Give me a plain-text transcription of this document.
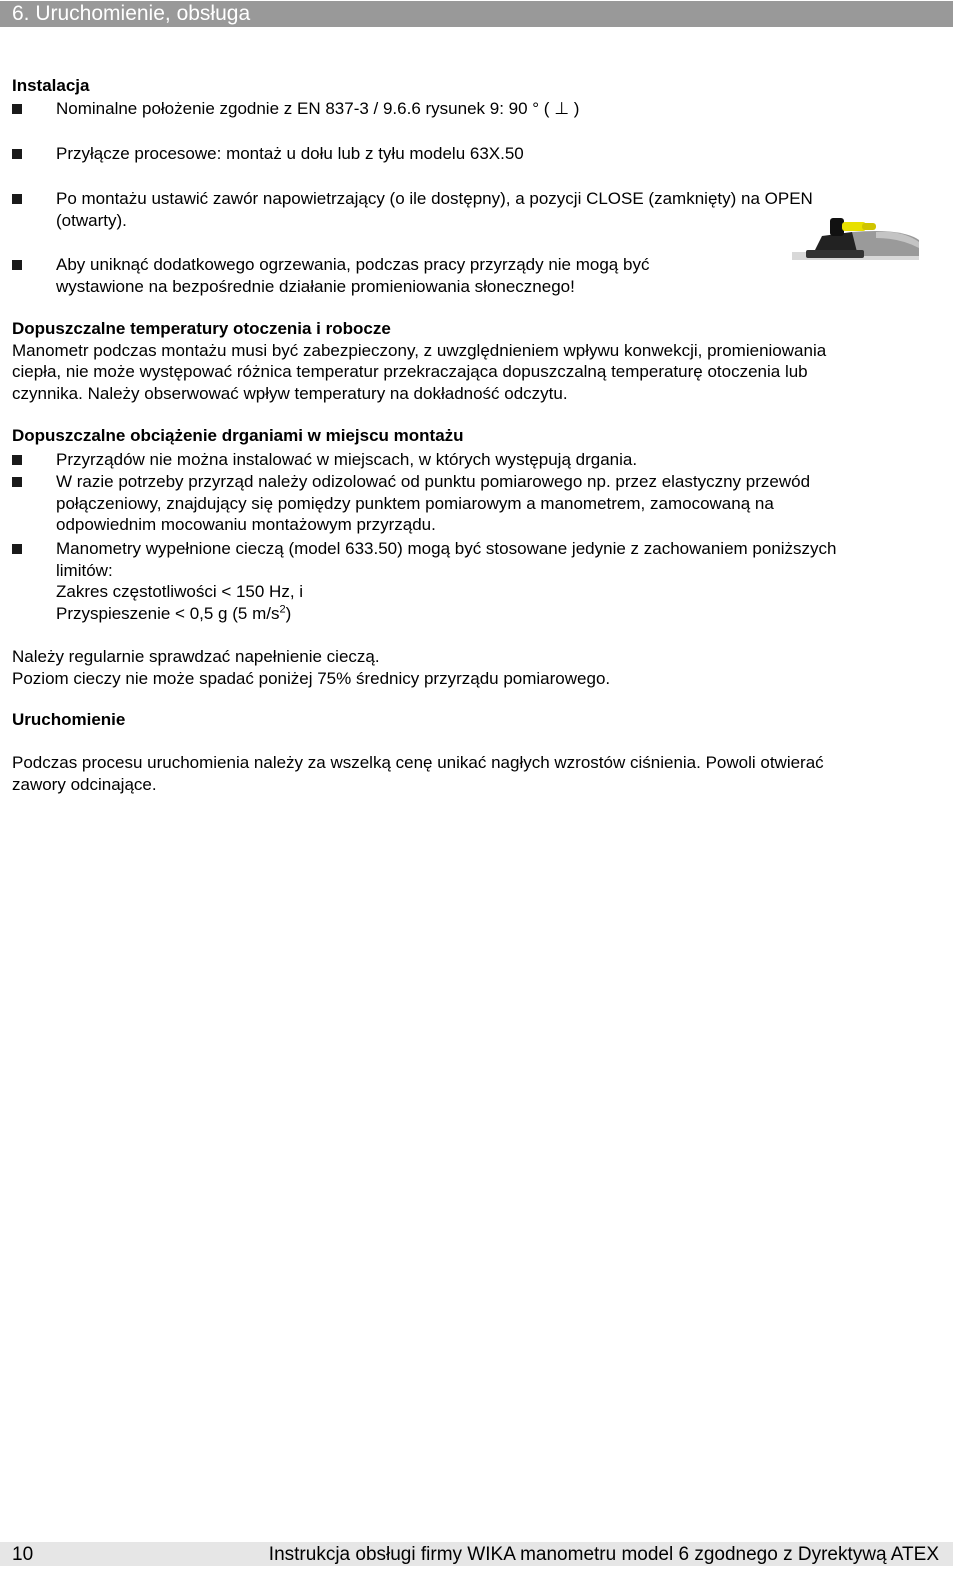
6. Uruchomienie, obsługa
Instalacja
Nominalne położenie zgodnie z EN 837-3 / 9.6.6 rysunek 9: 90 ° ( ⊥ )
Przyłącze procesowe: montaż u dołu lub z tyłu modelu 63X.50
Po montażu ustawić zawór napowietrzający (o ile dostępny), a pozycji CLOSE (zamknięty) na OPEN
(otwarty).
Aby uniknąć dodatkowego ogrzewania, podczas pracy przyrządy nie mogą być
wystawione na bezpośrednie działanie promieniowania słonecznego!
Dopuszczalne temperatury otoczenia i robocze
Manometr podczas montażu musi być zabezpieczony, z uwzględnieniem wpływu konwekcji, promieniowania
ciepła, nie może występować różnica temperatur przekraczająca dopuszczalną temperaturę otoczenia lub
czynnika. Należy obserwować wpływ temperatury na dokładność odczytu.
Dopuszczalne obciążenie drganiami w miejscu montażu
Przyrządów nie można instalować w miejscach, w których występują drgania.
W razie potrzeby przyrząd należy odizolować od punktu pomiarowego np. przez elastyczny przewód
połączeniowy, znajdujący się pomiędzy punktem pomiarowym a manometrem, zamocowaną na
odpowiednim mocowaniu montażowym przyrządu.
Manometry wypełnione cieczą (model 633.50) mogą być stosowane jedynie z zachowaniem poniższych
limitów:
Zakres częstotliwości < 150 Hz, i
Przyspieszenie < 0,5 g (5 $m/s^2$)
Należy regularnie sprawdzać napełnienie cieczą.
Poziom cieczy nie może spadać poniżej 75% średnicy przyrządu pomiarowego.
Uruchomienie
Podczas procesu uruchomienia należy za wszelką cenę unikać nagłych wzrostów ciśnienia. Powoli otwierać
zawory odcinające.
10	Instrukcja obsługi firmy WIKA manometru model 6 zgodnego z Dyrektywą ATEX
